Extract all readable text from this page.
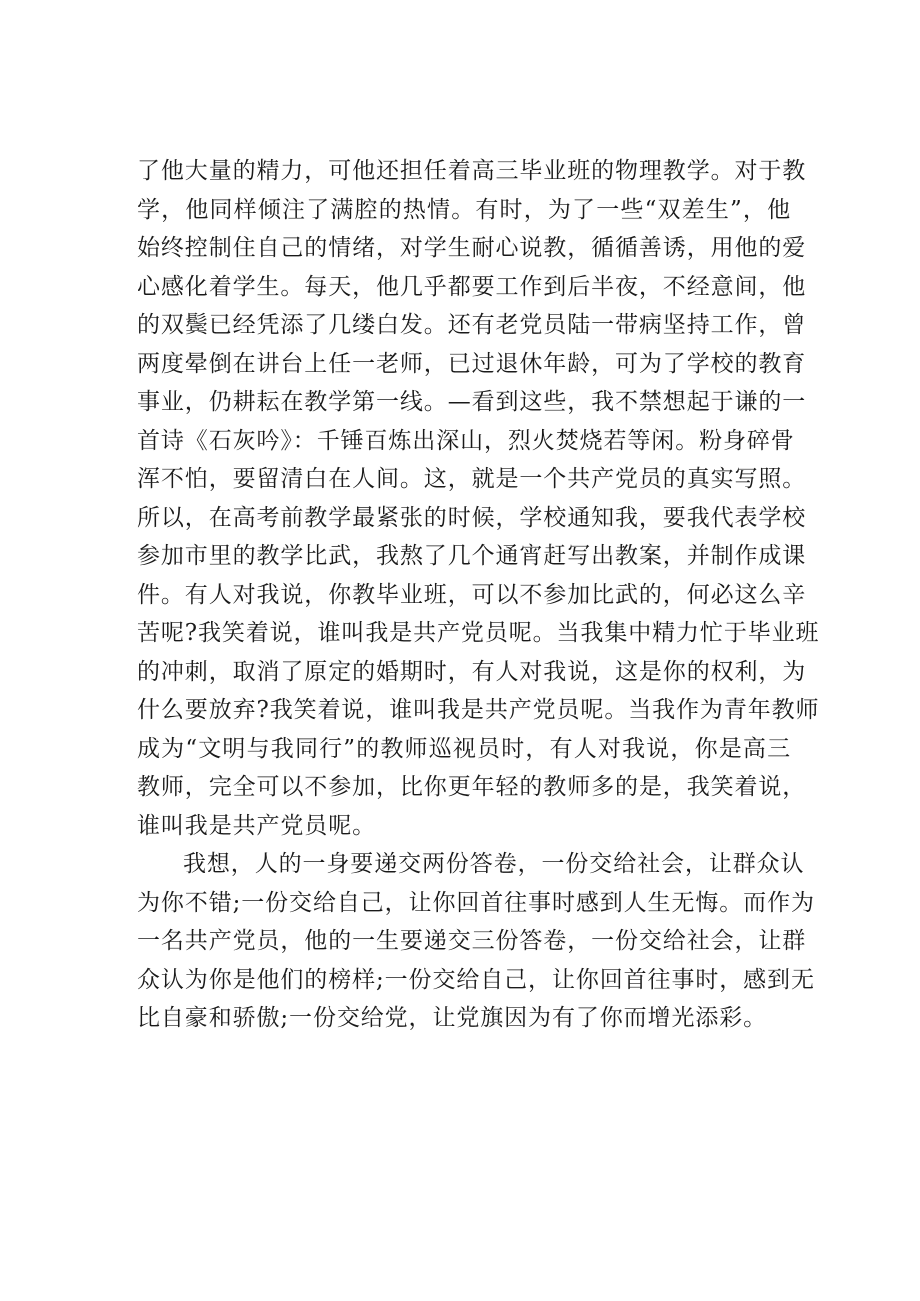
了他大量的精力，可他还担任着高三毕业班的物理教学。对于教
学，他同样倾注了满腔的热情。有时，为了一些“双差生”，他
始终控制住自己的情绪，对学生耐心说教，循循善诱，用他的爱
心感化着学生。每天，他几乎都要工作到后半夜，不经意间，他
的双鬓已经凭添了几缕白发。还有老党员陆一带病坚持工作，曾
两度晕倒在讲台上任一老师，已过退休年龄，可为了学校的教育
事业，仍耕耘在教学第一线。—看到这些，我不禁想起于谦的一
首诗《石灰吟》：千锤百炼出深山，烈火焚烧若等闲。粉身碎骨
浑不怕，要留清白在人间。这，就是一个共产党员的真实写照。
所以，在高考前教学最紧张的时候，学校通知我，要我代表学校
参加市里的教学比武，我熬了几个通宵赶写出教案，并制作成课
件。有人对我说，你教毕业班，可以不参加比武的，何必这么辛
苦呢?我笑着说，谁叫我是共产党员呢。当我集中精力忙于毕业班
的冲刺，取消了原定的婚期时，有人对我说，这是你的权利，为
什么要放弃?我笑着说，谁叫我是共产党员呢。当我作为青年教师
成为“文明与我同行”的教师巡视员时，有人对我说，你是高三
教师，完全可以不参加，比你更年轻的教师多的是，我笑着说，
谁叫我是共产党员呢。
我想，人的一身要递交两份答卷，一份交给社会，让群众认
为你不错;一份交给自己，让你回首往事时感到人生无悔。而作为
一名共产党员，他的一生要递交三份答卷，一份交给社会，让群
众认为你是他们的榜样;一份交给自己，让你回首往事时，感到无
比自豪和骄傲;一份交给党，让党旗因为有了你而增光添彩。
